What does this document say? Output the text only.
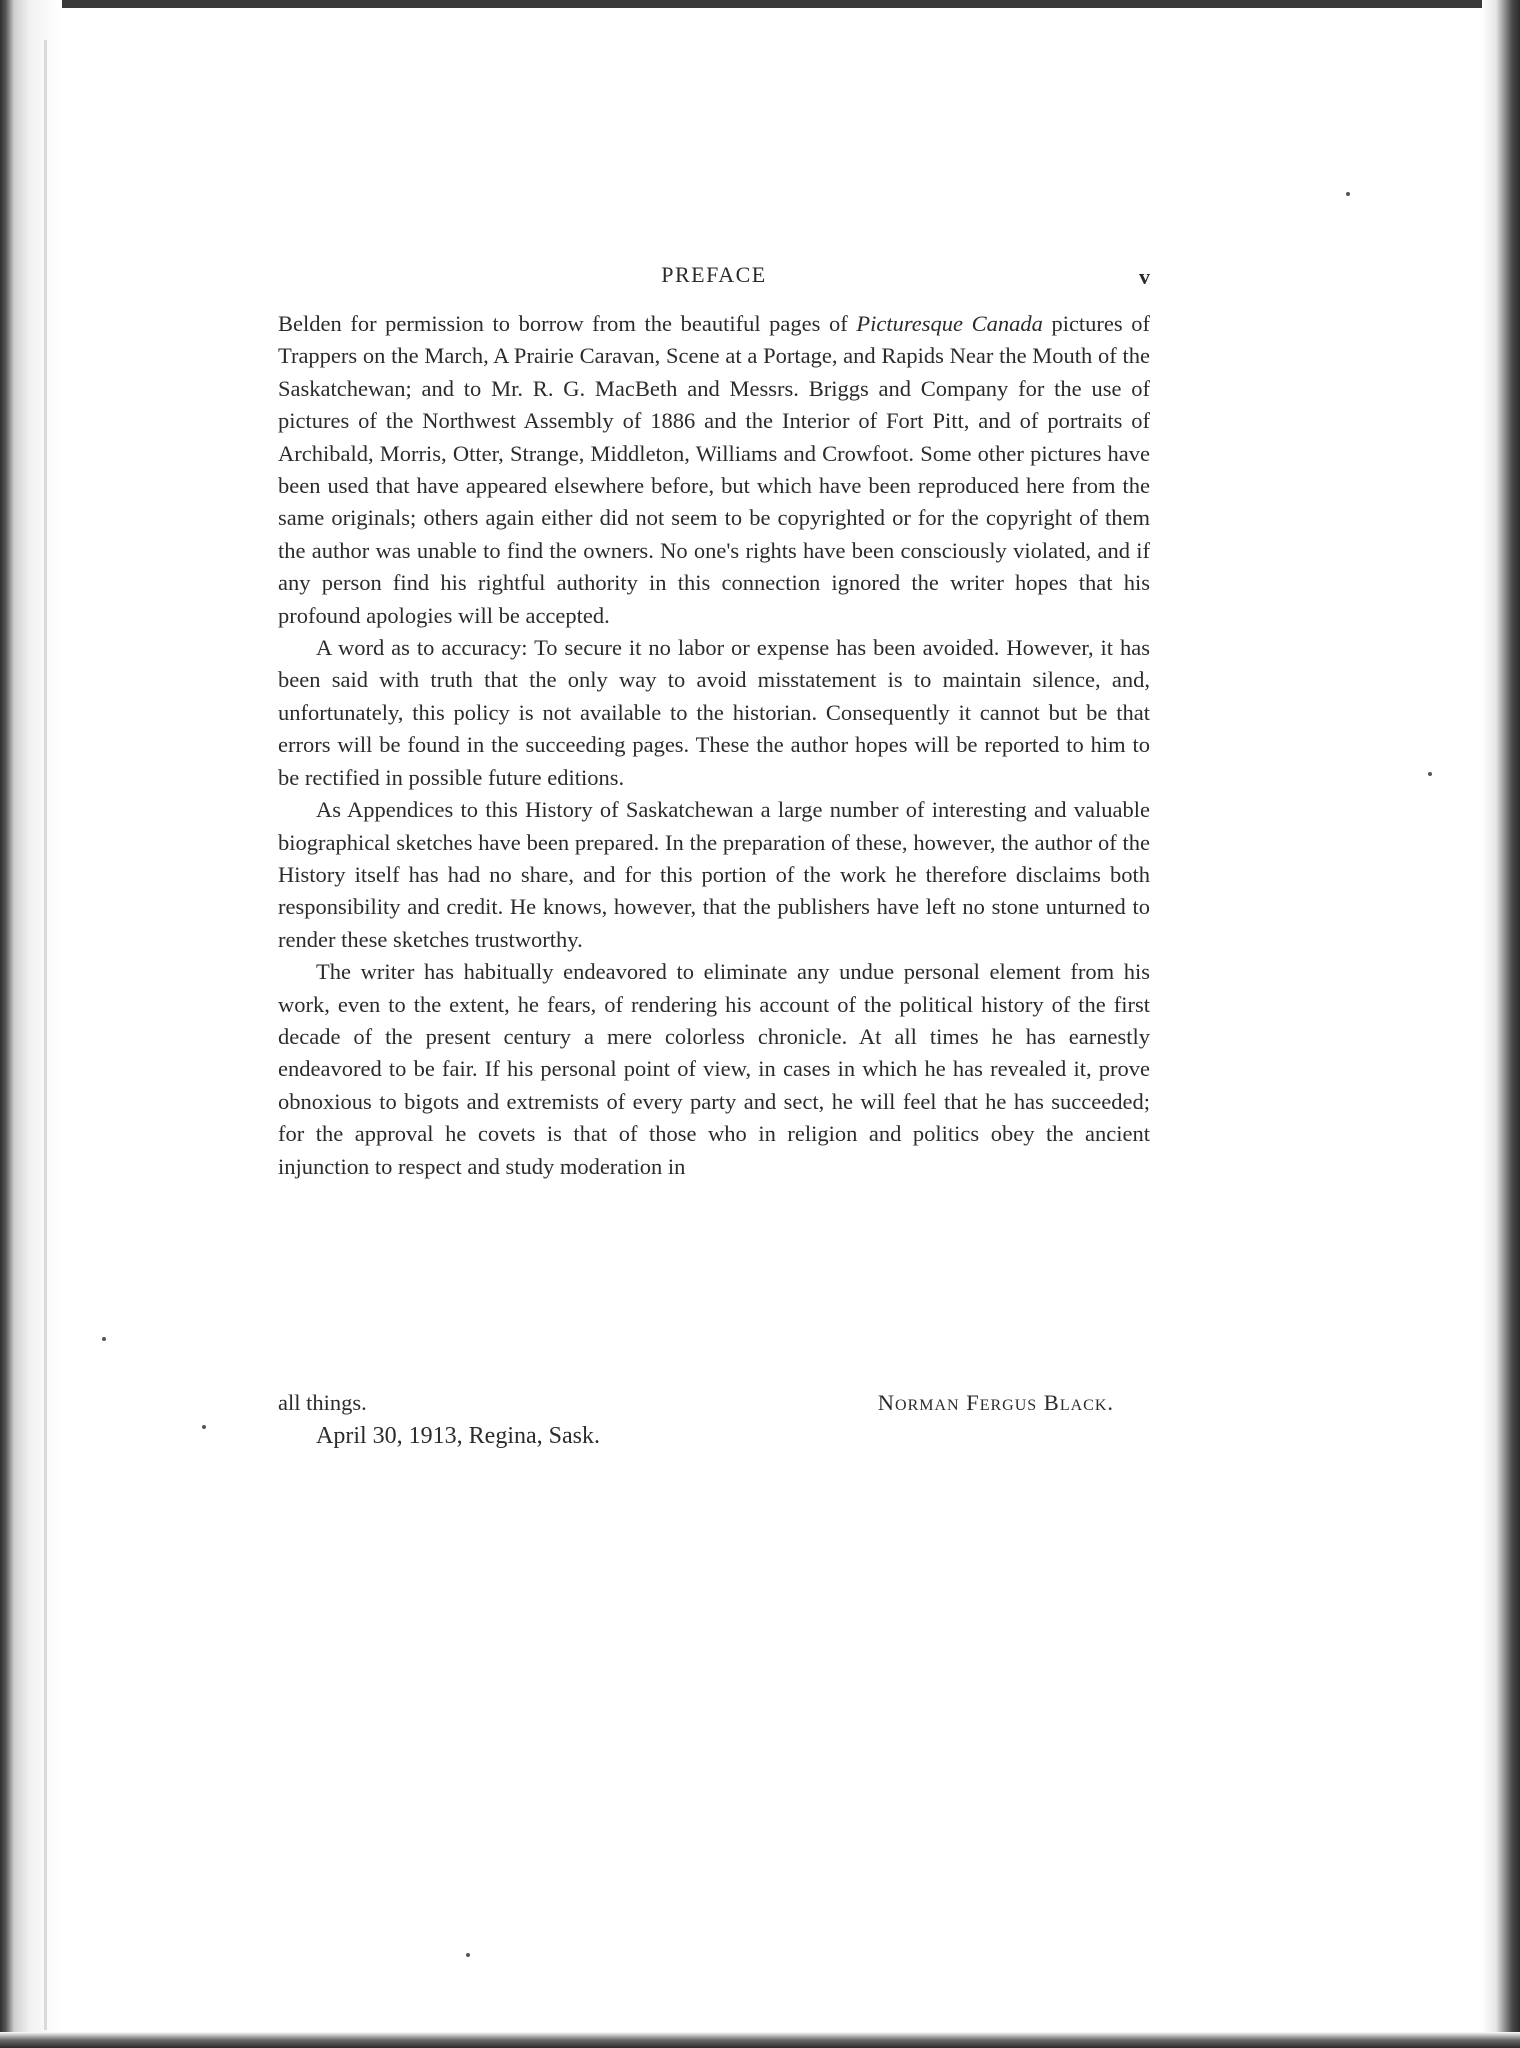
PREFACE	v

Belden for permission to borrow from the beautiful pages of Picturesque Canada pictures of Trappers on the March, A Prairie Caravan, Scene at a Portage, and Rapids Near the Mouth of the Saskatchewan; and to Mr. R. G. MacBeth and Messrs. Briggs and Company for the use of pictures of the Northwest Assembly of 1886 and the Interior of Fort Pitt, and of portraits of Archibald, Morris, Otter, Strange, Middleton, Williams and Crowfoot. Some other pictures have been used that have appeared elsewhere before, but which have been reproduced here from the same originals; others again either did not seem to be copyrighted or for the copyright of them the author was unable to find the owners. No one's rights have been consciously violated, and if any person find his rightful authority in this connection ignored the writer hopes that his profound apologies will be accepted.

A word as to accuracy: To secure it no labor or expense has been avoided. However, it has been said with truth that the only way to avoid misstatement is to maintain silence, and, unfortunately, this policy is not available to the historian. Consequently it cannot but be that errors will be found in the succeeding pages. These the author hopes will be reported to him to be rectified in possible future editions.

As Appendices to this History of Saskatchewan a large number of interesting and valuable biographical sketches have been prepared. In the preparation of these, however, the author of the History itself has had no share, and for this portion of the work he therefore disclaims both responsibility and credit. He knows, however, that the publishers have left no stone unturned to render these sketches trustworthy.

The writer has habitually endeavored to eliminate any undue personal element from his work, even to the extent, he fears, of rendering his account of the political history of the first decade of the present century a mere colorless chronicle. At all times he has earnestly endeavored to be fair. If his personal point of view, in cases in which he has revealed it, prove obnoxious to bigots and extremists of every party and sect, he will feel that he has succeeded; for the approval he covets is that of those who in religion and politics obey the ancient injunction to respect and study moderation in

all things.	Norman Fergus Black.
April 30, 1913, Regina, Sask.
